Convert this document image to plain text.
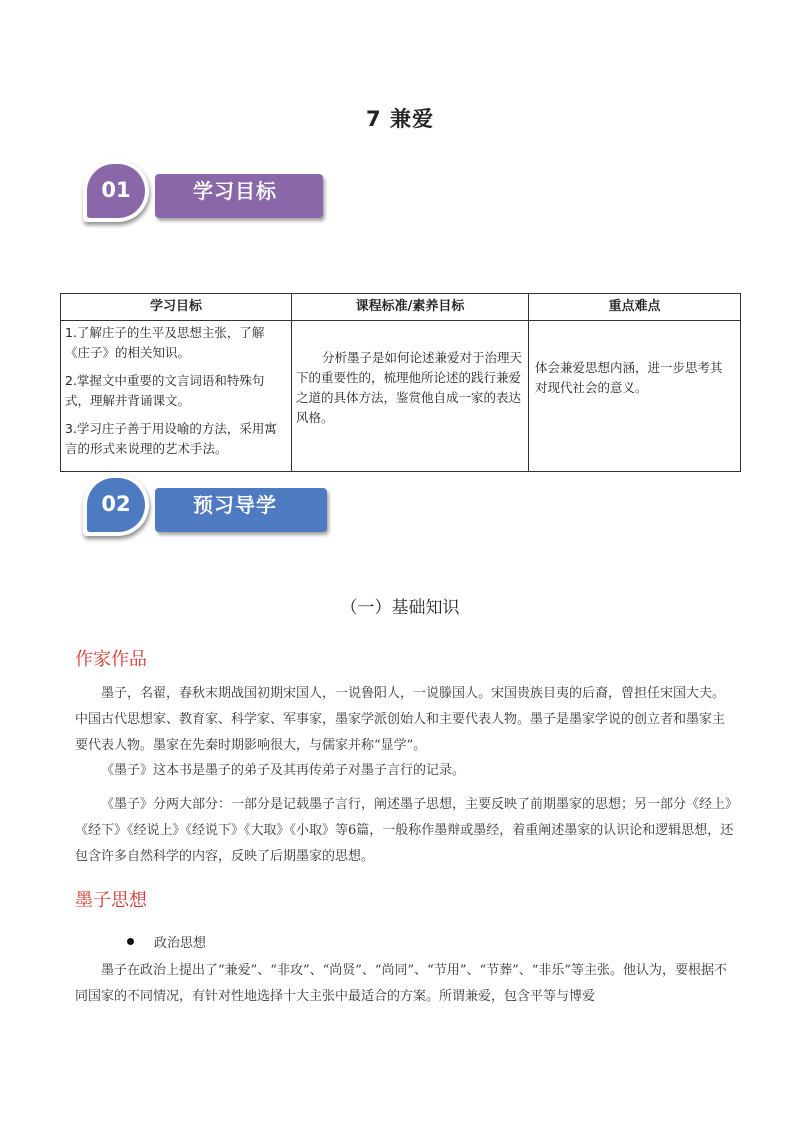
7 兼爱
学习目标
01
学习目标	课程标准/素养目标	重点难点

1.了解庄子的生平及思想主张，了解《庄子》的相关知识。

2.掌握文中重要的文言词语和特殊句式，理解并背诵课文。

3.学习庄子善于用设喻的方法，采用寓言的形式来说理的艺术手法。	分析墨子是如何论述兼爱对于治理天下的重要性的，梳理他所论述的践行兼爱之道的具体方法，鉴赏他自成一家的表达风格。	体会兼爱思想内涵，进一步思考其对现代社会的意义。

预习导学
02
（一）基础知识
作家作品

墨子，名翟，春秋末期战国初期宋国人，一说鲁阳人，一说滕国人。宋国贵族目夷的后裔，曾担任宋国大夫。中国古代思想家、教育家、科学家、军事家，墨家学派创始人和主要代表人物。墨子是墨家学说的创立者和墨家主要代表人物。墨家在先秦时期影响很大，与儒家并称“显学”。

《墨子》这本书是墨子的弟子及其再传弟子对墨子言行的记录。

《墨子》分两大部分：一部分是记载墨子言行，阐述墨子思想，主要反映了前期墨家的思想；另一部分《经上》《经下》《经说上》《经说下》《大取》《小取》等6篇，一般称作墨辩或墨经，着重阐述墨家的认识论和逻辑思想，还包含许多自然科学的内容，反映了后期墨家的思想。

墨子思想
政治思想

墨子在政治上提出了“兼爱”、“非攻”、“尚贤”、“尚同”、“节用”、“节葬”、“非乐”等主张。他认为，要根据不同国家的不同情况，有针对性地选择十大主张中最适合的方案。所谓兼爱，包含平等与博爱
